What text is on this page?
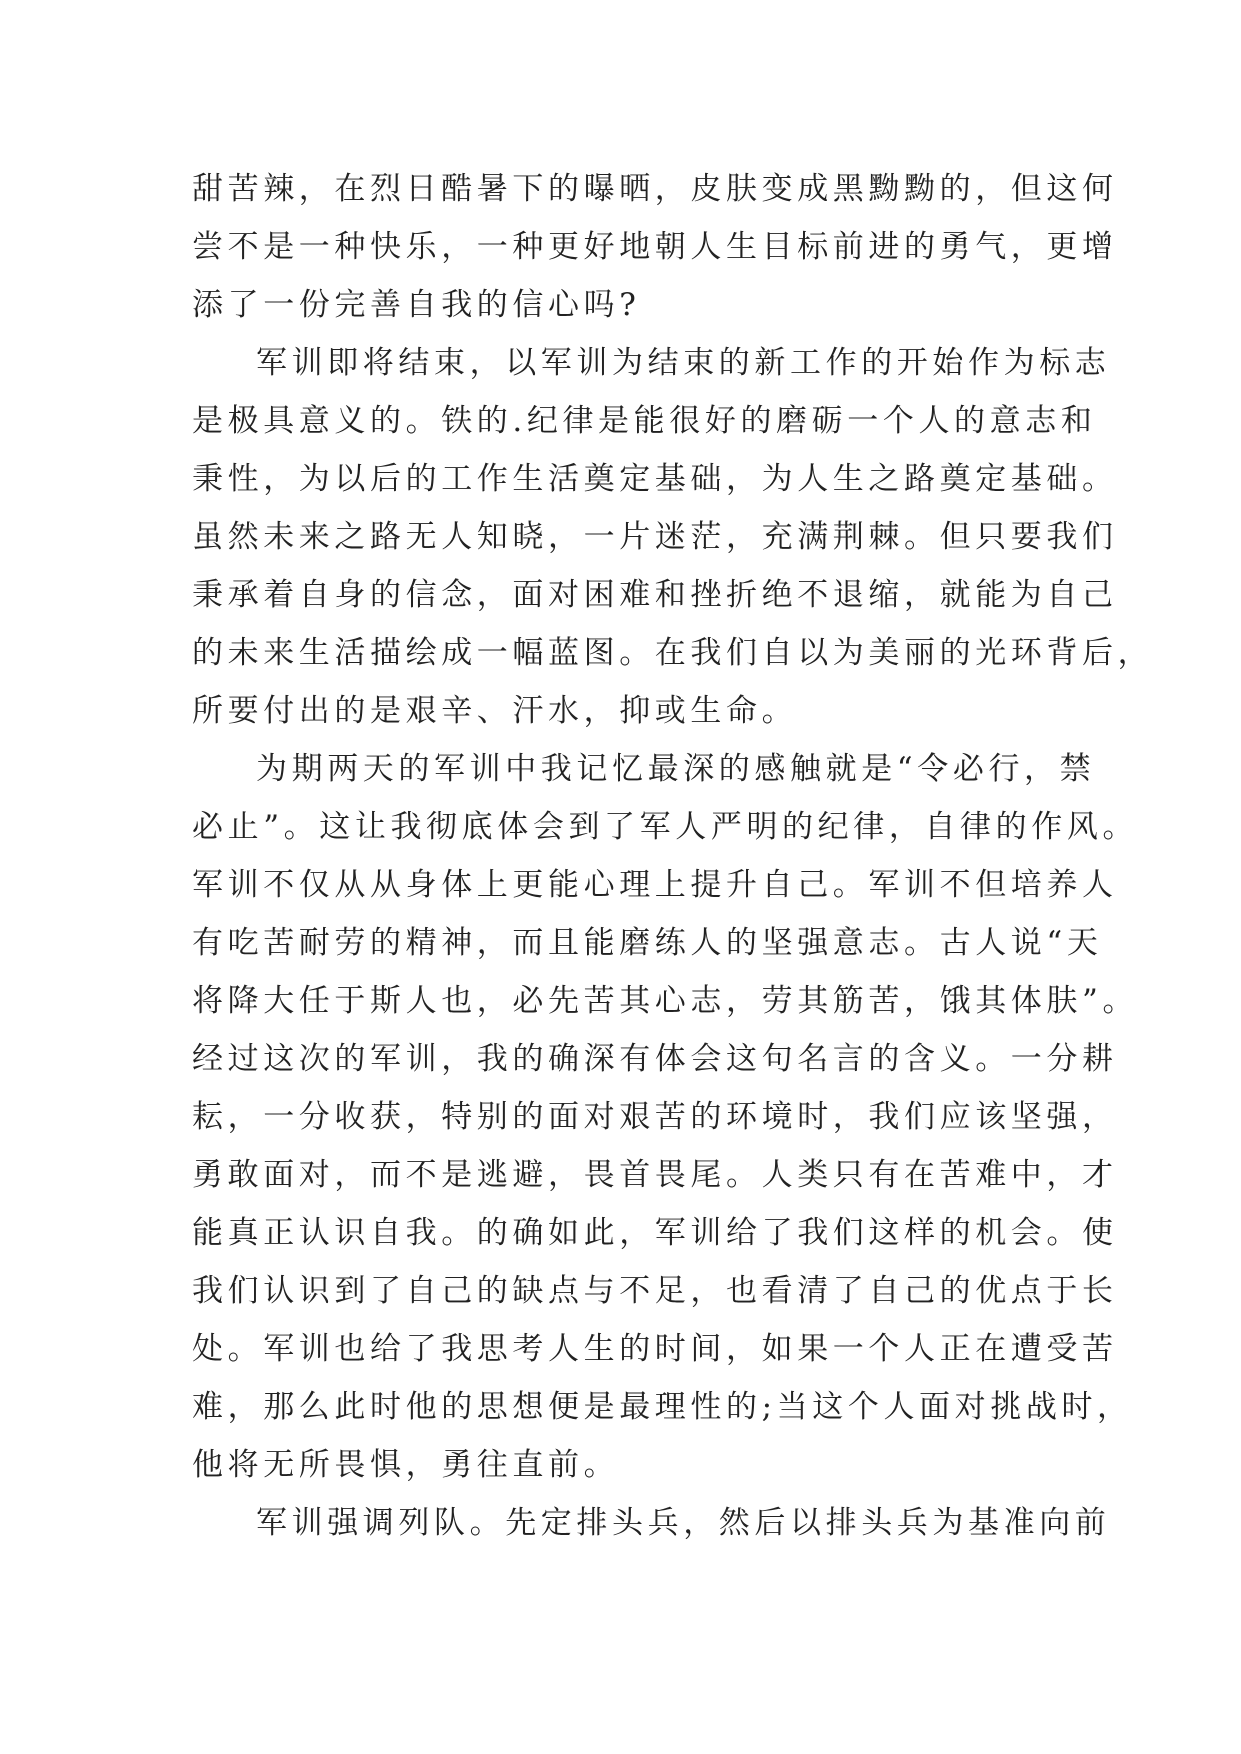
甜苦辣，在烈日酷暑下的曝晒，皮肤变成黑黝黝的，但这何
尝不是一种快乐，一种更好地朝人生目标前进的勇气，更增
添了一份完善自我的信心吗?
军训即将结束，以军训为结束的新工作的开始作为标志
是极具意义的。铁的.纪律是能很好的磨砺一个人的意志和
秉性，为以后的工作生活奠定基础，为人生之路奠定基础。
虽然未来之路无人知晓，一片迷茫，充满荆棘。但只要我们
秉承着自身的信念，面对困难和挫折绝不退缩，就能为自己
的未来生活描绘成一幅蓝图。在我们自以为美丽的光环背后，
所要付出的是艰辛、汗水，抑或生命。
为期两天的军训中我记忆最深的感触就是“令必行，禁
必止”。这让我彻底体会到了军人严明的纪律，自律的作风。
军训不仅从从身体上更能心理上提升自己。军训不但培养人
有吃苦耐劳的精神，而且能磨练人的坚强意志。古人说“天
将降大任于斯人也，必先苦其心志，劳其筋苦，饿其体肤”。
经过这次的军训，我的确深有体会这句名言的含义。一分耕
耘，一分收获，特别的面对艰苦的环境时，我们应该坚强，
勇敢面对，而不是逃避，畏首畏尾。人类只有在苦难中，才
能真正认识自我。的确如此，军训给了我们这样的机会。使
我们认识到了自己的缺点与不足，也看清了自己的优点于长
处。军训也给了我思考人生的时间，如果一个人正在遭受苦
难，那么此时他的思想便是最理性的;当这个人面对挑战时，
他将无所畏惧，勇往直前。
军训强调列队。先定排头兵，然后以排头兵为基准向前
